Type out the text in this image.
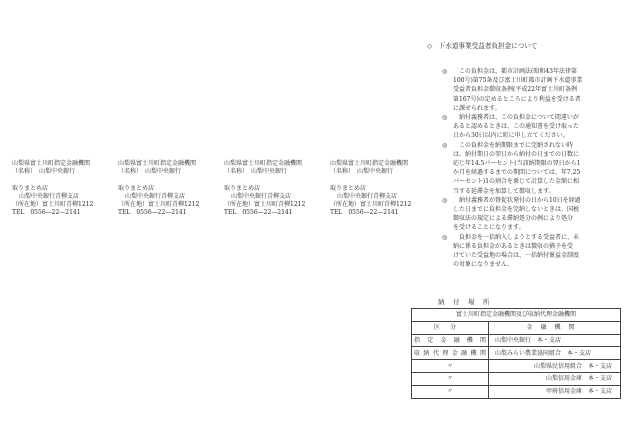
山梨県富士川町指定金融機関
（名称）　山梨中央銀行
取りまとめ店
山梨中央銀行青柳支店
（所在地）富士川町青柳1212
TEL　0556—22—2141
山梨県富士川町指定金融機関
（名称）　山梨中央銀行
取りまとめ店
山梨中央銀行青柳支店
（所在地）富士川町青柳1212
TEL　0556—22—2141
山梨県富士川町指定金融機関
（名称）　山梨中央銀行
取りまとめ店
山梨中央銀行青柳支店
（所在地）富士川町青柳1212
TEL　0556—22—2141
山梨県富士川町指定金融機関
（名称）　山梨中央銀行
取りまとめ店
山梨中央銀行青柳支店
（所在地）富士川町青柳1212
TEL　0556—22—2141
◇　下水道事業受益者負担金について
◎ 　この負担金は、都市計画法(昭和43年法律第
100号)第75条及び富士川町都市計画下水道事業
受益者負担金徴収条例(平成22年富士川町条例
第167号)の定めるところにより利益を受ける者
に課せられます。
◎ 　納付義務者は、この負担金について間違いが
あると認めるときは、この通知書を受け取った
日から30日以内に町に申し立てください。
◎ 　この負担金を納期限までに完納されない時
は、納付期日の翌日から納付の日までの日数に
応じ年14.5パーセント(当該納期限の翌日から1
か月を経過するまでの期間については、年7.25
パーセント)1の割合を乗じて計算した金額に相
当する延滞金を加算して徴収します。
◎ 　納付義務者が督促状発付の日から10日を経過
した日までに負担金を完納しないときは、国税
徴収法の規定による滞納処分の例により処分
を受けることになります。
◎ 　負担金を一括納入しようとする受益者に、未
納に係る負担金があるときは徴収の猶予を受
けていた受益地の場合は、一括納付褒益金制度
の対象になりません。
納付場所
富士川町指定金融機関及び収納代理金融機関	
区分	金融機関
指定金融機関	山梨中央銀行　本・支店
収納代理金融機関	山梨みらい農業協同組合　本・支店
〃	山梨県民信用組合　本・支店
〃	山梨信用金庫　本・支店
〃	甲府信用金庫　本・支店
